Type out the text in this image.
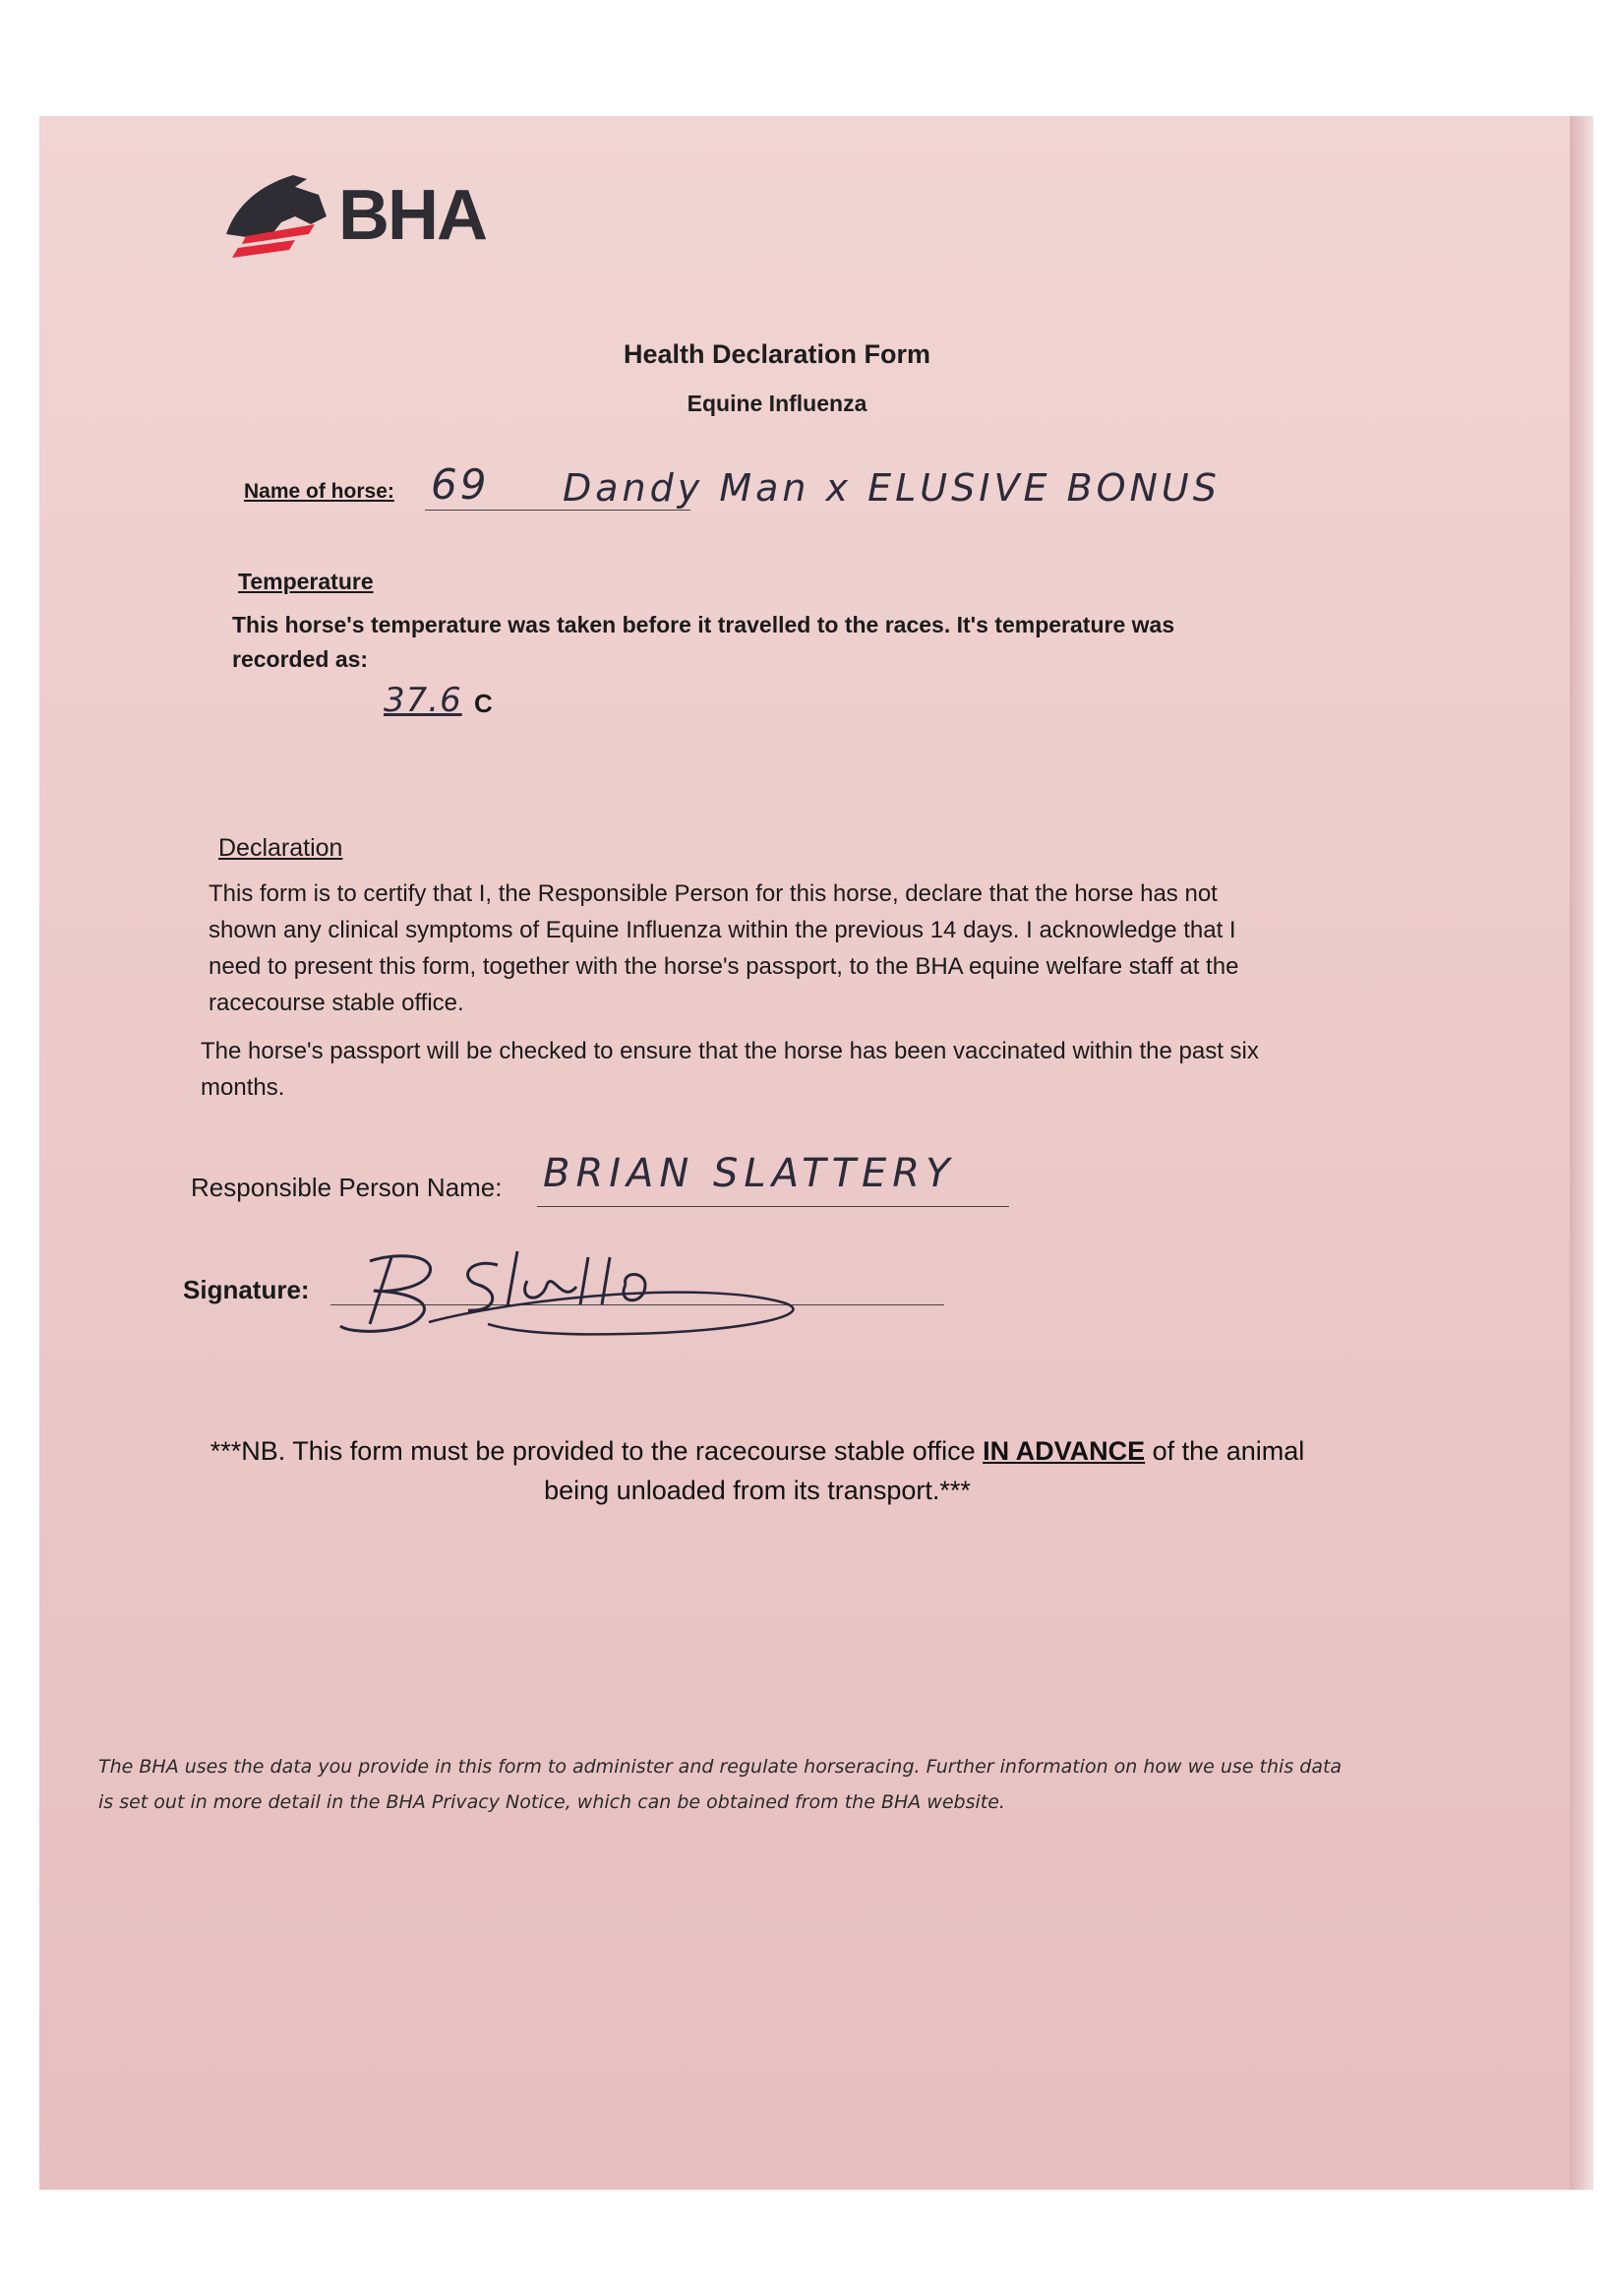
BHA
Health Declaration Form
Equine Influenza
Name of horse: 69 Dandy Man x ELUSIVE BONUS
Temperature
This horse's temperature was taken before it travelled to the races. It's temperature was recorded as:
37.6 C
Declaration
This form is to certify that I, the Responsible Person for this horse, declare that the horse has not shown any clinical symptoms of Equine Influenza within the previous 14 days. I acknowledge that I need to present this form, together with the horse's passport, to the BHA equine welfare staff at the racecourse stable office.
The horse's passport will be checked to ensure that the horse has been vaccinated within the past six months.
Responsible Person Name: BRIAN SLATTERY
Signature:
***NB. This form must be provided to the racecourse stable office IN ADVANCE of the animal being unloaded from its transport.***
The BHA uses the data you provide in this form to administer and regulate horseracing. Further information on how we use this data is set out in more detail in the BHA Privacy Notice, which can be obtained from the BHA website.
